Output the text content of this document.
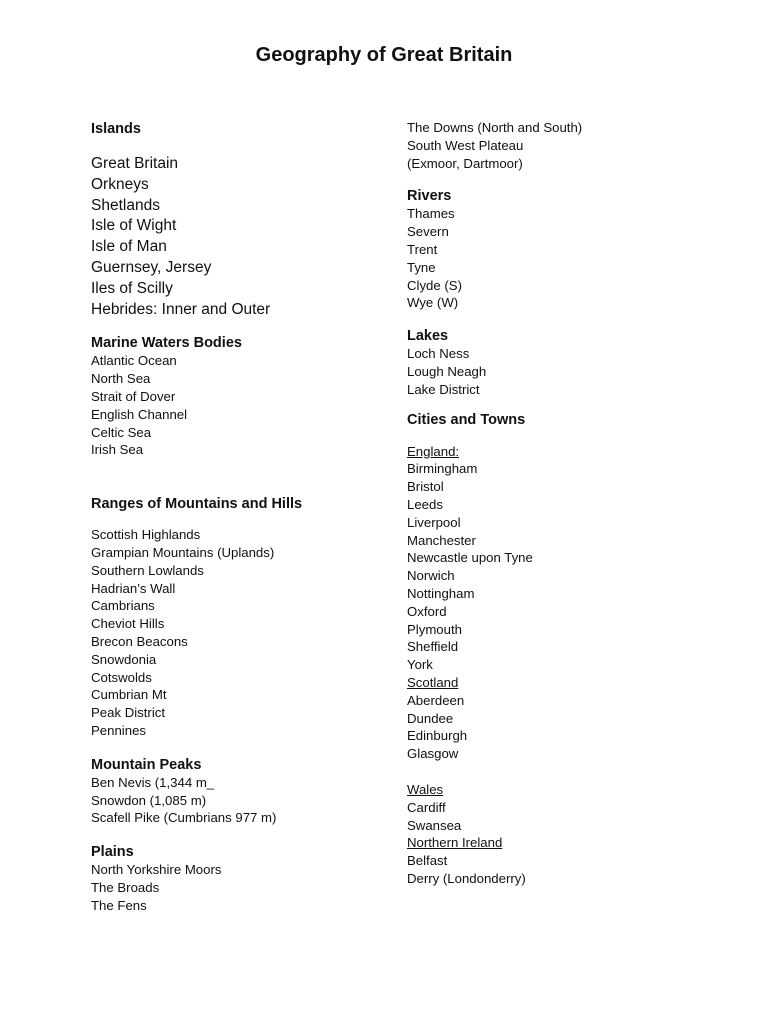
Geography of Great Britain
Islands
Great Britain
Orkneys
Shetlands
Isle of Wight
Isle of Man
Guernsey, Jersey
Iles of Scilly
Hebrides: Inner and Outer
Marine Waters Bodies
Atlantic Ocean
North Sea
Strait of Dover
English Channel
Celtic Sea
Irish Sea
Ranges of Mountains and Hills
Scottish Highlands
Grampian Mountains (Uplands)
Southern Lowlands
Hadrian’s Wall
Cambrians
Cheviot Hills
Brecon Beacons
Snowdonia
Cotswolds
Cumbrian Mt
Peak District
Pennines
Mountain Peaks
Ben Nevis (1,344 m_
Snowdon (1,085 m)
Scafell Pike (Cumbrians 977 m)
Plains
North Yorkshire Moors
The Broads
The Fens
The Downs (North and South)
South West Plateau
(Exmoor, Dartmoor)
Rivers
Thames
Severn
Trent
Tyne
Clyde (S)
Wye (W)
Lakes
Loch Ness
Lough Neagh
Lake District
Cities and Towns
England:
Birmingham
Bristol
Leeds
Liverpool
Manchester
Newcastle upon Tyne
Norwich
Nottingham
Oxford
Plymouth
Sheffield
York
Scotland
Aberdeen
Dundee
Edinburgh
Glasgow
Wales
Cardiff
Swansea
Northern Ireland
Belfast
Derry (Londonderry)
